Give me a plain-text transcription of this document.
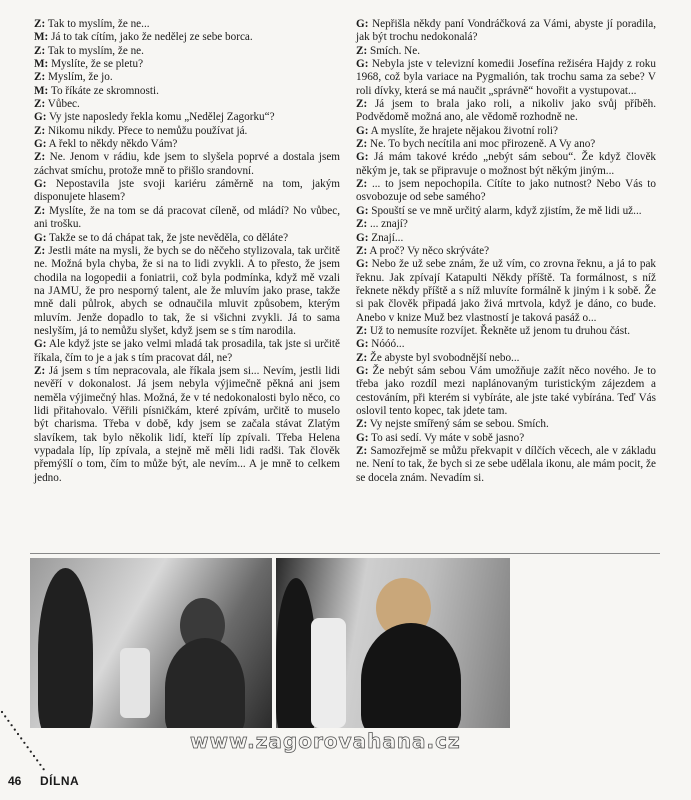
Z: Tak to myslím, že ne...

M: Já to tak cítím, jako že nedělej ze sebe borca.

Z: Tak to myslím, že ne.

M: Myslíte, že se pletu?

Z: Myslím, že jo.

M: To říkáte ze skromnosti.

Z: Vůbec.

G: Vy jste naposledy řekla komu „Nedělej Zagorku“?

Z: Nikomu nikdy. Přece to nemůžu používat já.

G: A řekl to někdy někdo Vám?

Z: Ne. Jenom v rádiu, kde jsem to slyšela poprvé a dostala jsem záchvat smíchu, protože mně to přišlo srandovní.

G: Nepostavila jste svoji kariéru záměrně na tom, jakým disponujete hlasem?

Z: Myslíte, že na tom se dá pracovat cíleně, od mládí? No vůbec, ani trošku.

G: Takže se to dá chápat tak, že jste nevěděla, co děláte?

Z: Jestli máte na mysli, že bych se do něčeho stylizovala, tak určitě ne. Možná byla chyba, že si na to lidi zvykli. A to přesto, že jsem chodila na logopedii a foniatrii, což byla podmínka, když mě vzali na JAMU, že pro nesporný talent, ale že mluvím jako prase, takže mně dali půlrok, abych se odnaučila mluvit způsobem, kterým mluvím. Jenže dopadlo to tak, že si všichni zvykli. Já to sama neslyším, já to nemůžu slyšet, když jsem se s tím narodila.

G: Ale když jste se jako velmi mladá tak prosadila, tak jste si určitě říkala, čím to je a jak s tím pracovat dál, ne?

Z: Já jsem s tím nepracovala, ale říkala jsem si... Nevím, jestli lidi nevěří v dokonalost. Já jsem nebyla výjimečně pěkná ani jsem neměla výjimečný hlas. Možná, že v té nedokonalosti bylo něco, co lidi přitahovalo. Věřili písničkám, které zpívám, určitě to muselo být charisma. Třeba v době, kdy jsem se začala stávat Zlatým slavíkem, tak bylo několik lidí, kteří líp zpívali. Třeba Helena vypadala líp, líp zpívala, a stejně mě měli lidi radši. Tak člověk přemýšlí o tom, čím to může být, ale nevím... A je mně to celkem jedno.

G: Nepřišla někdy paní Vondráčková za Vámi, abyste jí poradila, jak být trochu nedokonalá?

Z: Smích. Ne.

G: Nebyla jste v televizní komedii Josefína režiséra Hajdy z roku 1968, což byla variace na Pygmalión, tak trochu sama za sebe? V roli dívky, která se má naučit „správně“ hovořit a vystupovat...

Z: Já jsem to brala jako roli, a nikoliv jako svůj příběh. Podvědomě možná ano, ale vědomě rozhodně ne.

G: A myslíte, že hrajete nějakou životní roli?

Z: Ne. To bych necítila ani moc přirozeně. A Vy ano?

G: Já mám takové krédo „nebýt sám sebou“. Že když člověk někým je, tak se připravuje o možnost být někým jiným...

Z: ... to jsem nepochopila. Cítíte to jako nutnost? Nebo Vás to osvobozuje od sebe samého?

G: Spouští se ve mně určitý alarm, když zjistím, že mě lidi už...

Z: ... znají?

G: Znají...

Z: A proč? Vy něco skrýváte?

G: Nebo že už sebe znám, že už vím, co zrovna řeknu, a já to pak řeknu. Jak zpívají Katapulti Někdy příště. Ta formálnost, s níž řeknete někdy příště a s níž mluvíte formálně k jiným i k sobě. Že si pak člověk připadá jako živá mrtvola, když je dáno, co bude. Anebo v knize Muž bez vlastností je taková pasáž o...

Z: Už to nemusíte rozvíjet. Řekněte už jenom tu druhou část.

G: Nóóó...

Z: Že abyste byl svobodnější nebo...

G: Že nebýt sám sebou Vám umožňuje zažít něco nového. Je to třeba jako rozdíl mezi naplánovaným turistickým zájezdem a cestováním, při kterém si vybíráte, ale jste také vybírána. Teď Vás oslovil tento kopec, tak jdete tam.

Z: Vy nejste smířený sám se sebou. Smích.

G: To asi sedí. Vy máte v sobě jasno?

Z: Samozřejmě se můžu překvapit v dílčích věcech, ale v základu ne. Není to tak, že bych si ze sebe udělala ikonu, ale mám pocit, že se docela znám. Nevadím si.

www.zagorovahana.cz
46 DÍLNA
